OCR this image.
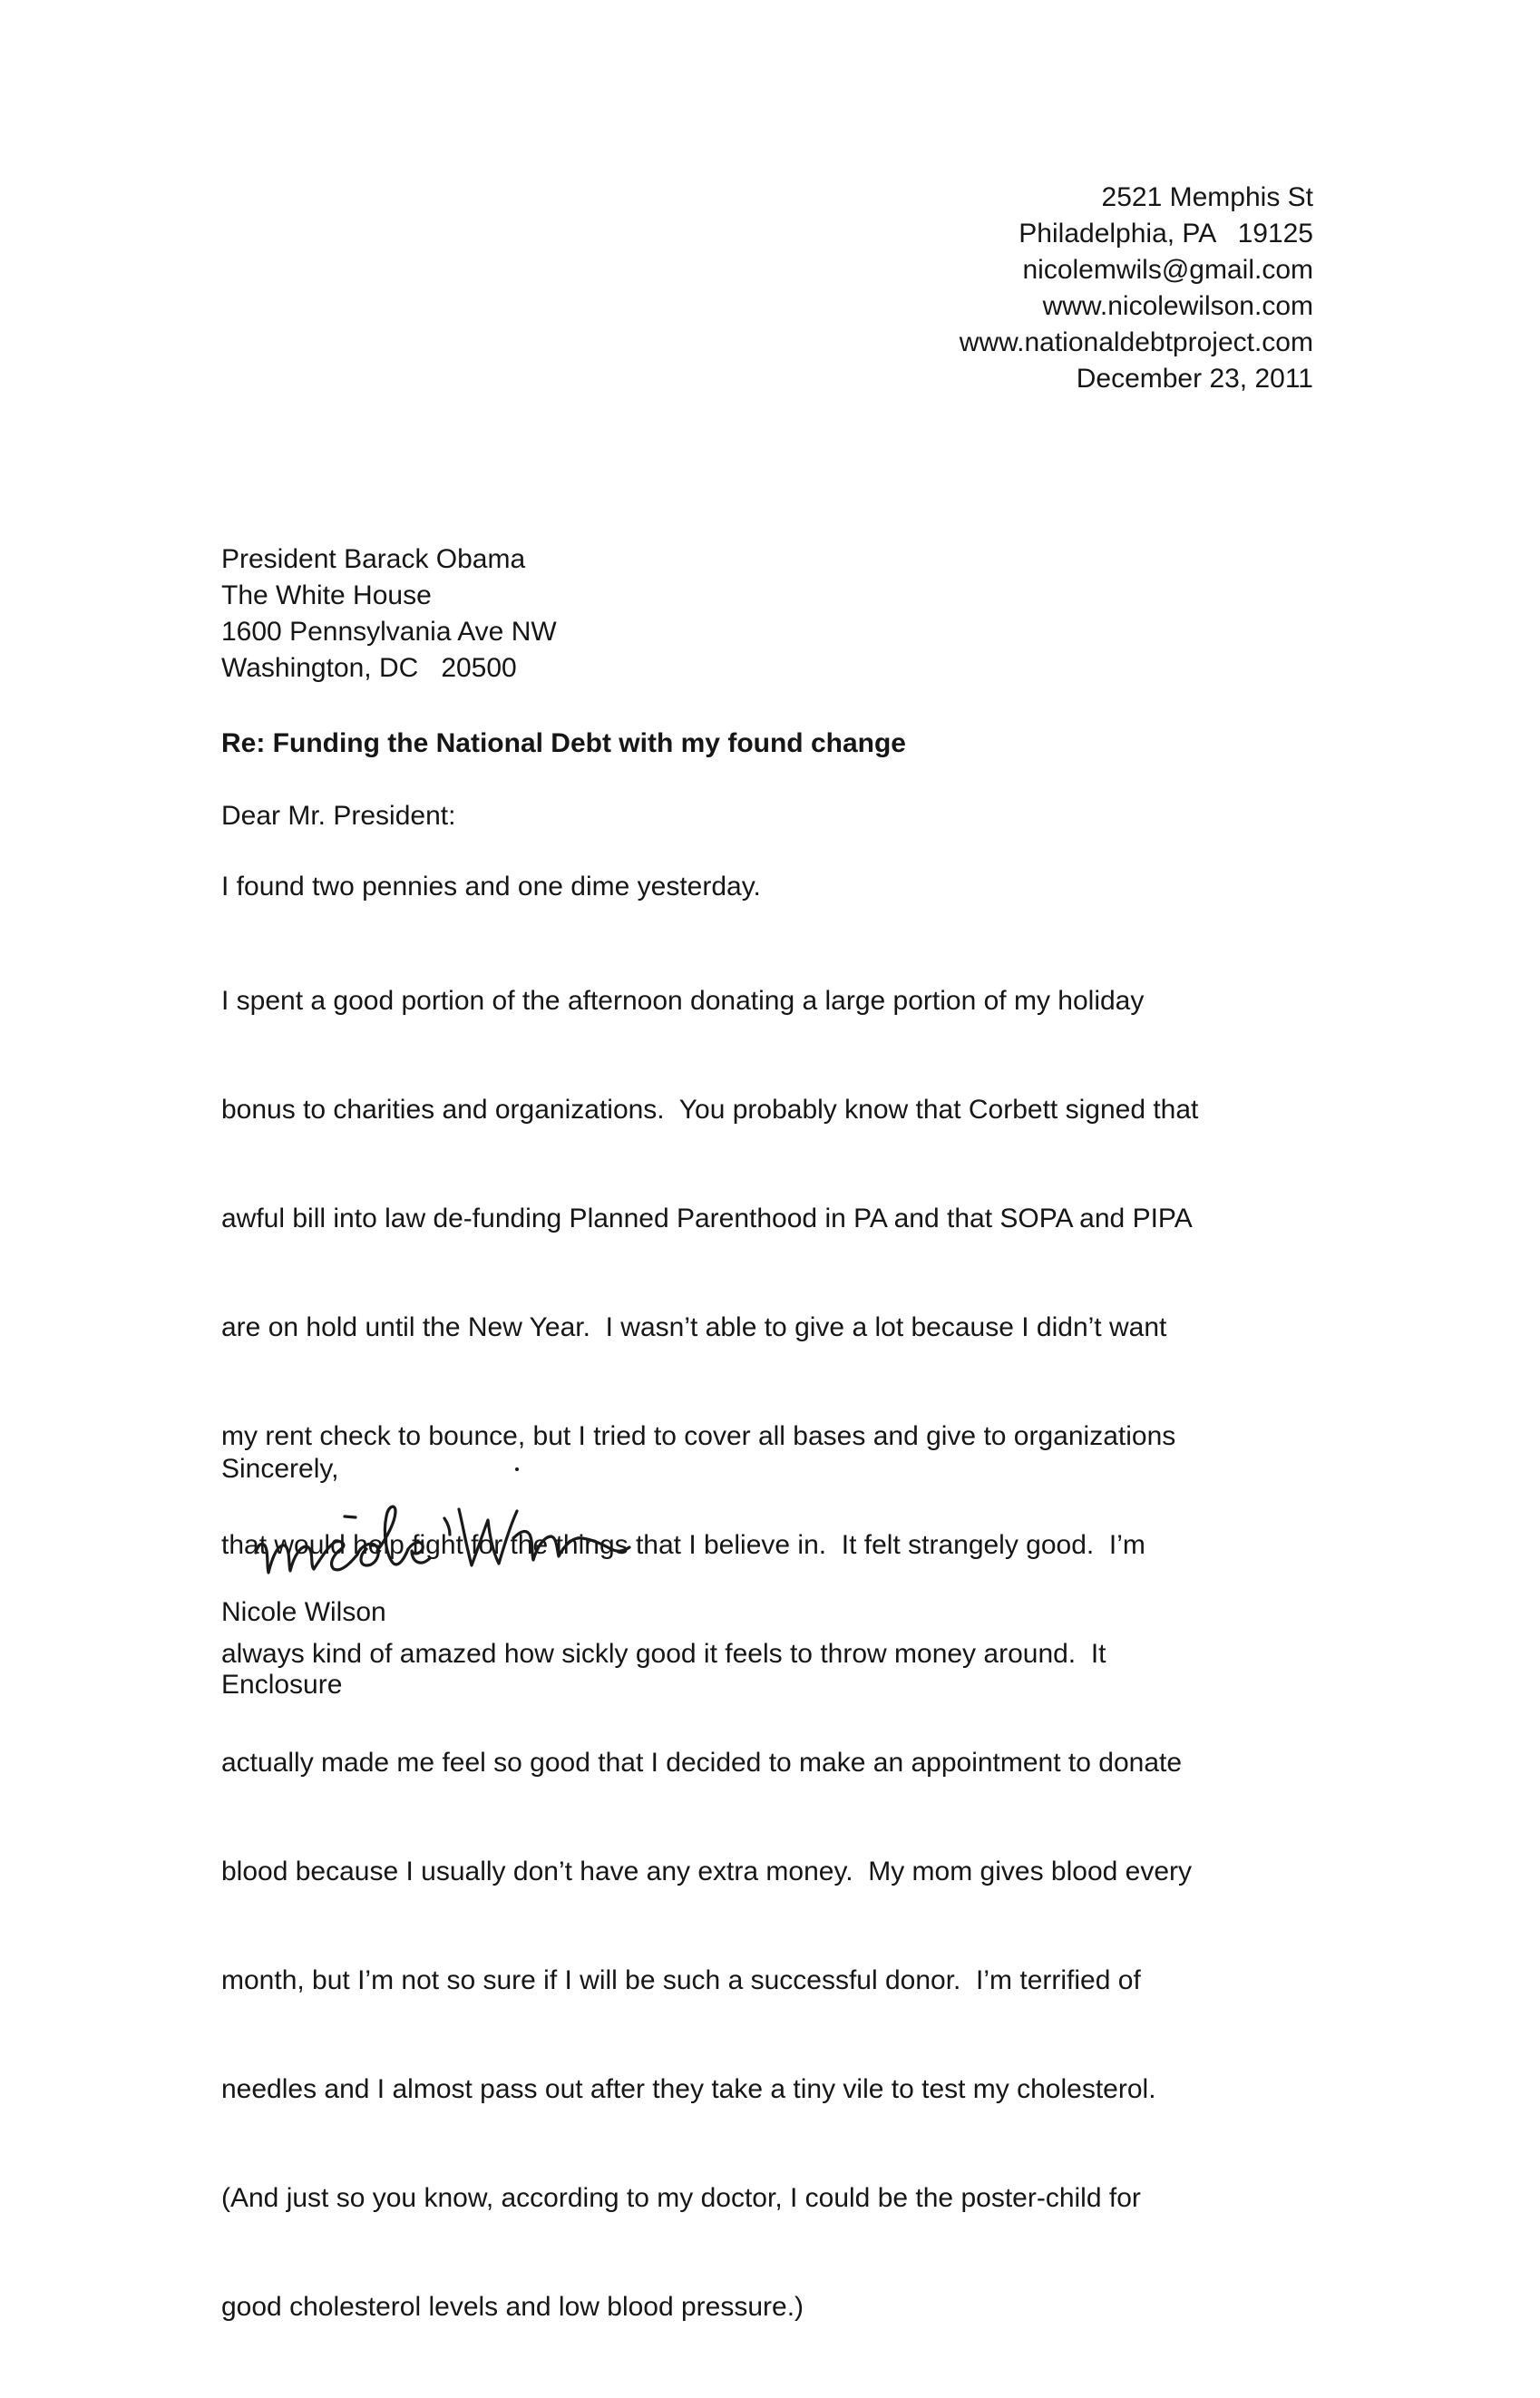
2521 Memphis St
Philadelphia, PA   19125
nicolemwils@gmail.com
www.nicolewilson.com
www.nationaldebtproject.com
December 23, 2011
President Barack Obama
The White House
1600 Pennsylvania Ave NW
Washington, DC   20500
Re: Funding the National Debt with my found change
Dear Mr. President:
I found two pennies and one dime yesterday.

I spent a good portion of the afternoon donating a large portion of my holiday

bonus to charities and organizations.  You probably know that Corbett signed that

awful bill into law de-funding Planned Parenthood in PA and that SOPA and PIPA

are on hold until the New Year.  I wasn’t able to give a lot because I didn’t want

my rent check to bounce, but I tried to cover all bases and give to organizations

that would help fight for the things that I believe in.  It felt strangely good.  I’m

always kind of amazed how sickly good it feels to throw money around.  It

actually made me feel so good that I decided to make an appointment to donate

blood because I usually don’t have any extra money.  My mom gives blood every

month, but I’m not so sure if I will be such a successful donor.  I’m terrified of

needles and I almost pass out after they take a tiny vile to test my cholesterol.

(And just so you know, according to my doctor, I could be the poster-child for

good cholesterol levels and low blood pressure.)

Sincerely,
Nicole Wilson
Enclosure
